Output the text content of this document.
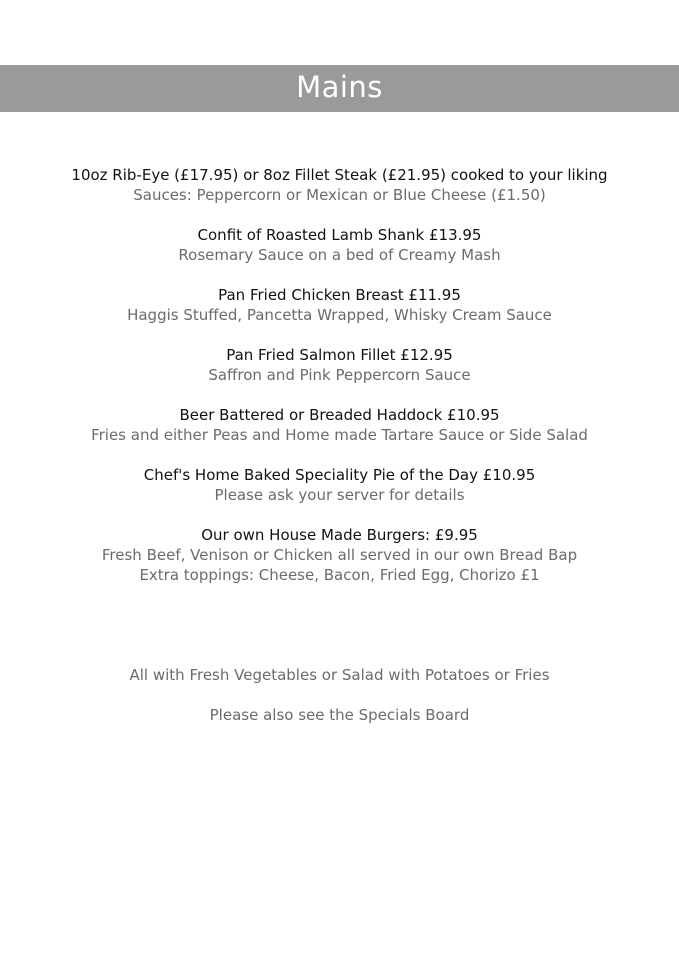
Mains
10oz Rib-Eye (£17.95) or 8oz Fillet Steak (£21.95) cooked to your liking
Sauces: Peppercorn or Mexican or Blue Cheese (£1.50)
Confit of Roasted Lamb Shank £13.95
Rosemary Sauce on a bed of Creamy Mash
Pan Fried Chicken Breast £11.95
Haggis Stuffed, Pancetta Wrapped, Whisky Cream Sauce
Pan Fried Salmon Fillet £12.95
Saffron and Pink Peppercorn Sauce
Beer Battered or Breaded Haddock £10.95
Fries and either Peas and Home made Tartare Sauce or Side Salad
Chef's Home Baked Speciality Pie of the Day £10.95
Please ask your server for details
Our own House Made Burgers: £9.95
Fresh Beef, Venison or Chicken all served in our own Bread Bap
Extra toppings: Cheese, Bacon, Fried Egg, Chorizo £1
All with Fresh Vegetables or Salad with Potatoes or Fries
Please also see the Specials Board
